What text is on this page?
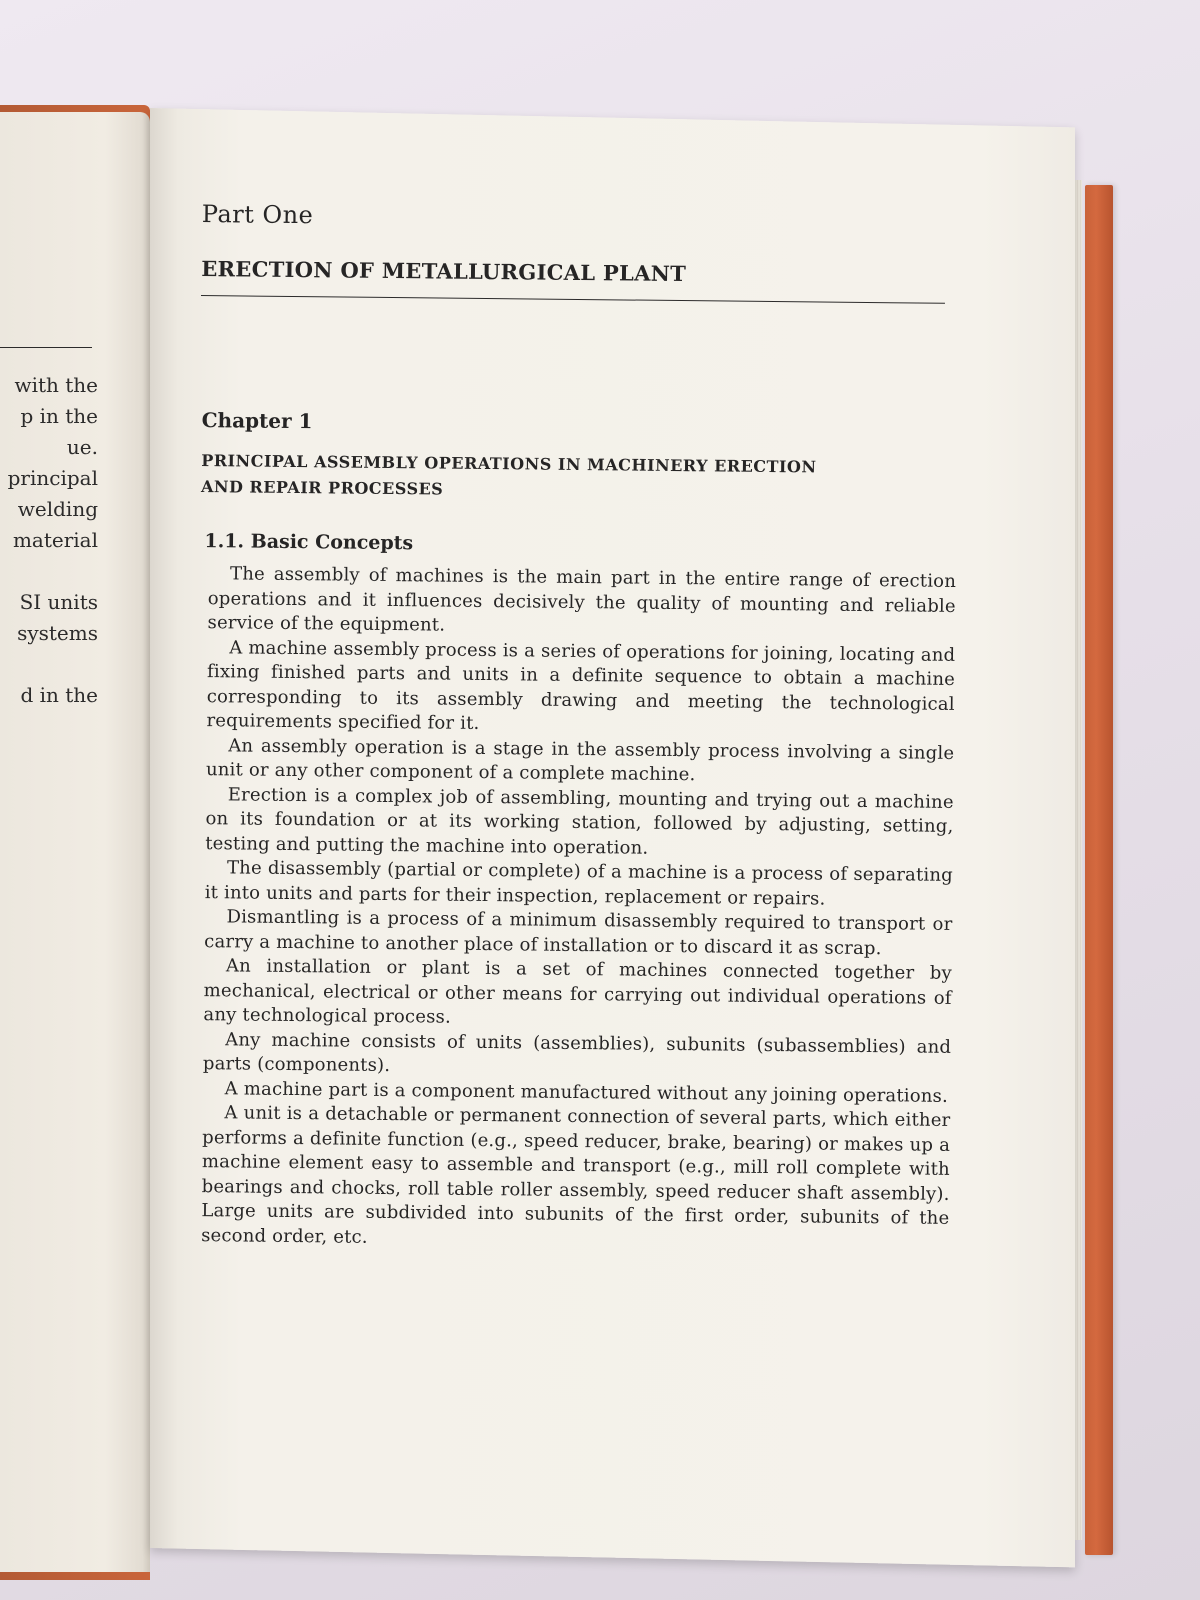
with the
p in the
ue.
principal
welding
material
SI units
systems
d in the
Part One
ERECTION OF METALLURGICAL PLANT
Chapter 1
PRINCIPAL ASSEMBLY OPERATIONS IN MACHINERY ERECTION
AND REPAIR PROCESSES
1.1. Basic Concepts

The assembly of machines is the main part in the entire range of erection operations and it influences decisively the quality of mounting and reliable service of the equipment.

A machine assembly process is a series of operations for joining, locating and fixing finished parts and units in a definite sequence to obtain a machine corresponding to its assembly drawing and meeting the technological requirements specified for it.

An assembly operation is a stage in the assembly process involving a single unit or any other component of a complete machine.

Erection is a complex job of assembling, mounting and trying out a machine on its foundation or at its working station, followed by adjusting, setting, testing and putting the machine into operation.

The disassembly (partial or complete) of a machine is a process of separating it into units and parts for their inspection, replacement or repairs.

Dismantling is a process of a minimum disassembly required to transport or carry a machine to another place of installation or to discard it as scrap.

An installation or plant is a set of machines connected together by mechanical, electrical or other means for carrying out individual operations of any technological process.

Any machine consists of units (assemblies), subunits (subassemblies) and parts (components).

A machine part is a component manufactured without any joining operations.

A unit is a detachable or permanent connection of several parts, which either performs a definite function (e.g., speed reducer, brake, bearing) or makes up a machine element easy to assemble and transport (e.g., mill roll complete with bearings and chocks, roll table roller assembly, speed reducer shaft assembly). Large units are subdivided into subunits of the first order, subunits of the second order, etc.
